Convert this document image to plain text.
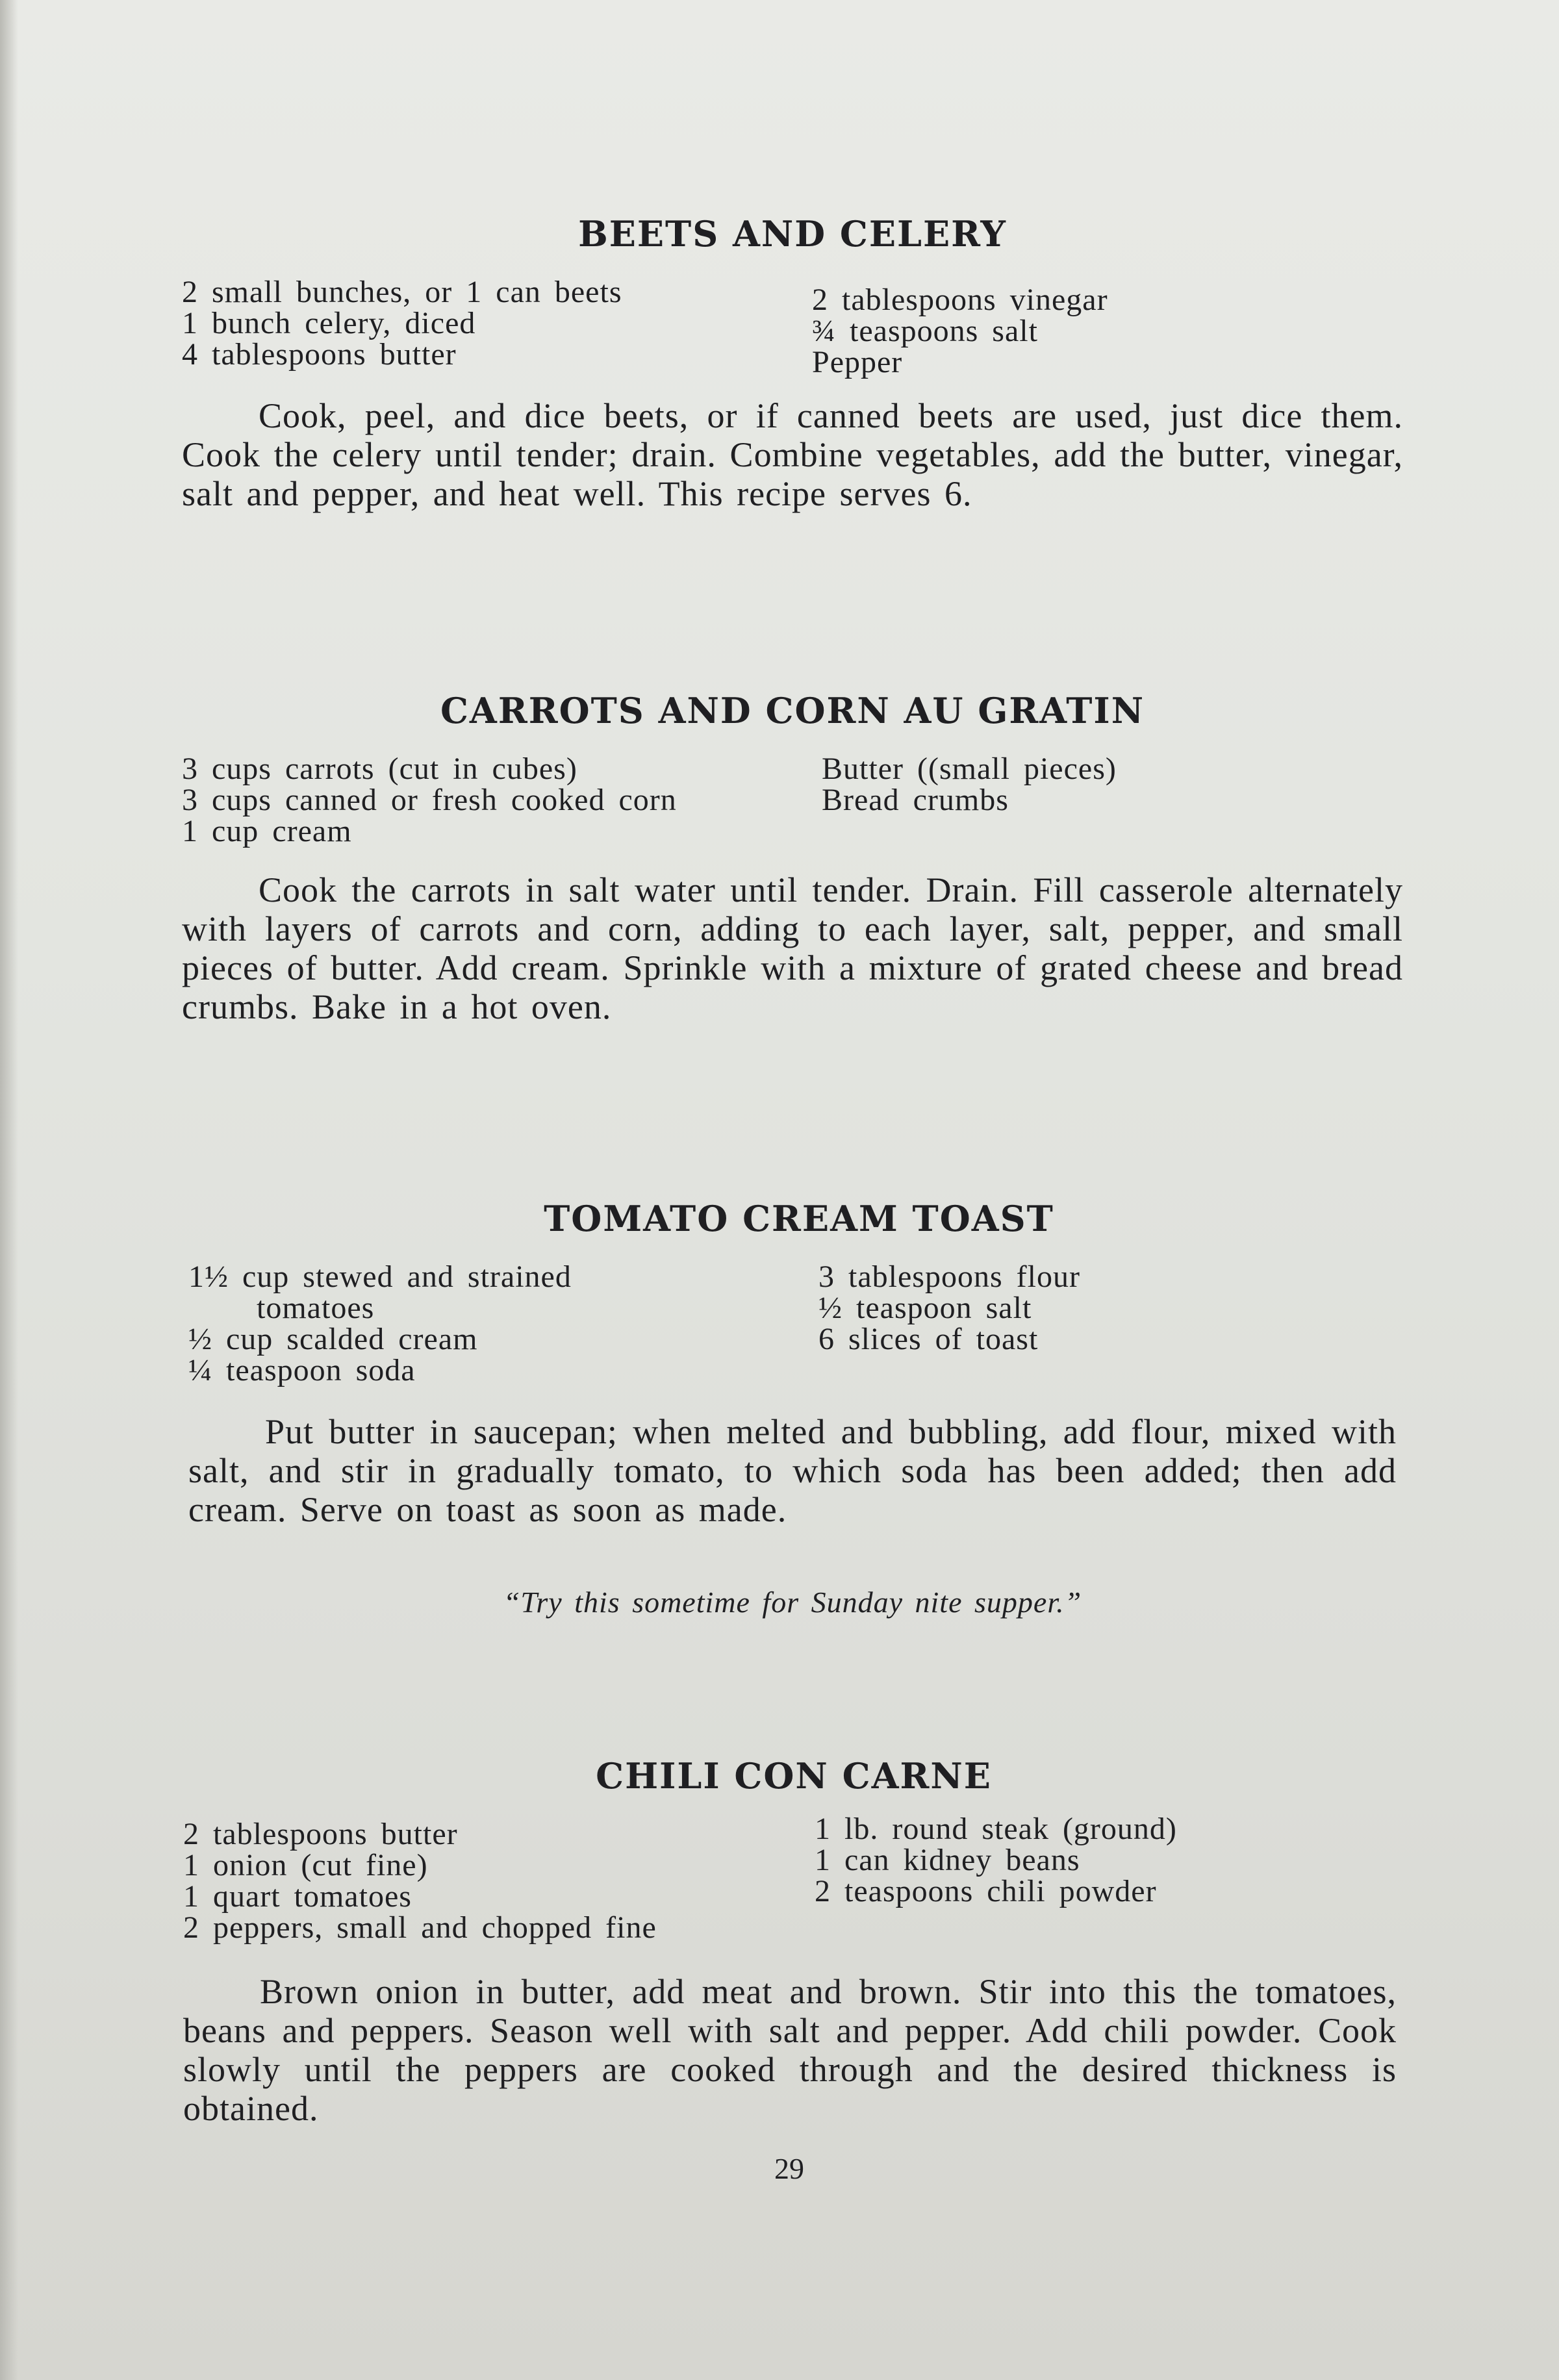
BEETS AND CELERY
2 small bunches, or 1 can beets
1 bunch celery, diced
4 tablespoons butter
2 tablespoons vinegar
¾ teaspoons salt
Pepper

Cook, peel, and dice beets, or if canned beets are used, just dice them. Cook the celery until tender; drain. Combine vegetables, add the butter, vinegar, salt and pepper, and heat well. This recipe serves 6.

CARROTS AND CORN AU GRATIN
3 cups carrots (cut in cubes)
3 cups canned or fresh cooked corn
1 cup cream
Butter ((small pieces)
Bread crumbs

Cook the carrots in salt water until tender. Drain. Fill casserole alternately with layers of carrots and corn, adding to each layer, salt, pepper, and small pieces of butter. Add cream. Sprinkle with a mixture of grated cheese and bread crumbs. Bake in a hot oven.

TOMATO CREAM TOAST
1½ cup stewed and strained
tomatoes
½ cup scalded cream
¼ teaspoon soda
3 tablespoons flour
½ teaspoon salt
6 slices of toast

Put butter in saucepan; when melted and bubbling, add flour, mixed with salt, and stir in gradually tomato, to which soda has been added; then add cream. Serve on toast as soon as made.

“Try this sometime for Sunday nite supper.”
CHILI CON CARNE
2 tablespoons butter
1 onion (cut fine)
1 quart tomatoes
2 peppers, small and chopped fine
1 lb. round steak (ground)
1 can kidney beans
2 teaspoons chili powder

Brown onion in butter, add meat and brown. Stir into this the tomatoes, beans and peppers. Season well with salt and pepper. Add chili powder. Cook slowly until the peppers are cooked through and the desired thickness is obtained.

29
